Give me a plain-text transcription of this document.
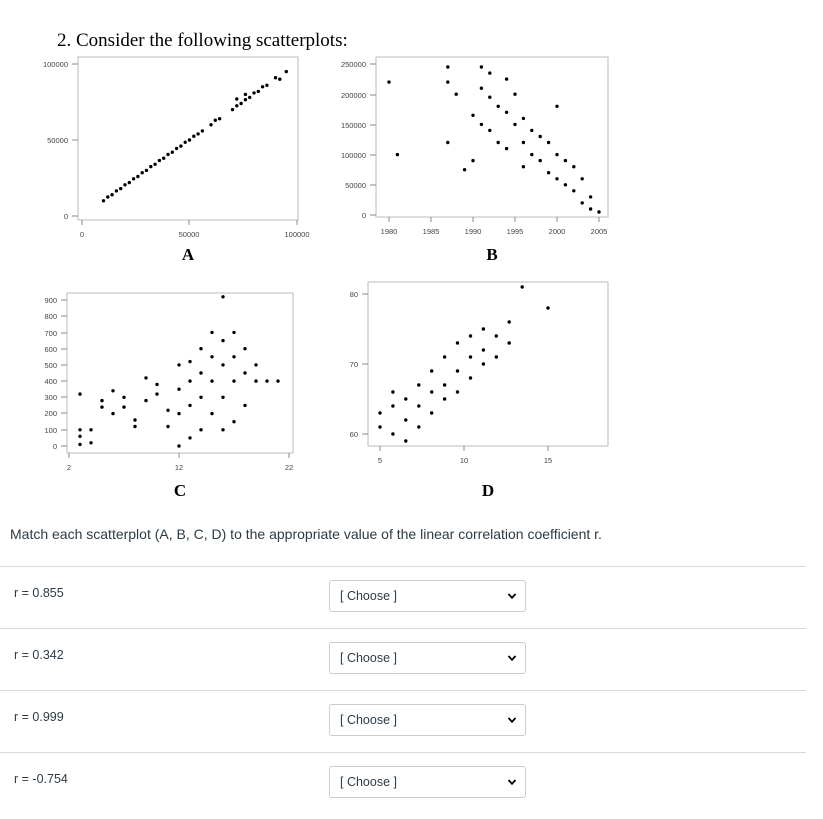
2. Consider the following scatterplots:
0
50000
100000
0	50000	100000
A
0
50000
100000
150000
200000
250000
1980	1985	1990	1995	2000	2005
B
0
100
200
300
400
500
600
700
800
900
2	12	22
C
60
70
80
5	10	15
D
Match each scatterplot (A, B, C, D) to the appropriate value of the linear correlation coefficient r.
r = 0.855	[ Choose ]
r = 0.342	[ Choose ]
r = 0.999	[ Choose ]
r = -0.754	[ Choose ]
